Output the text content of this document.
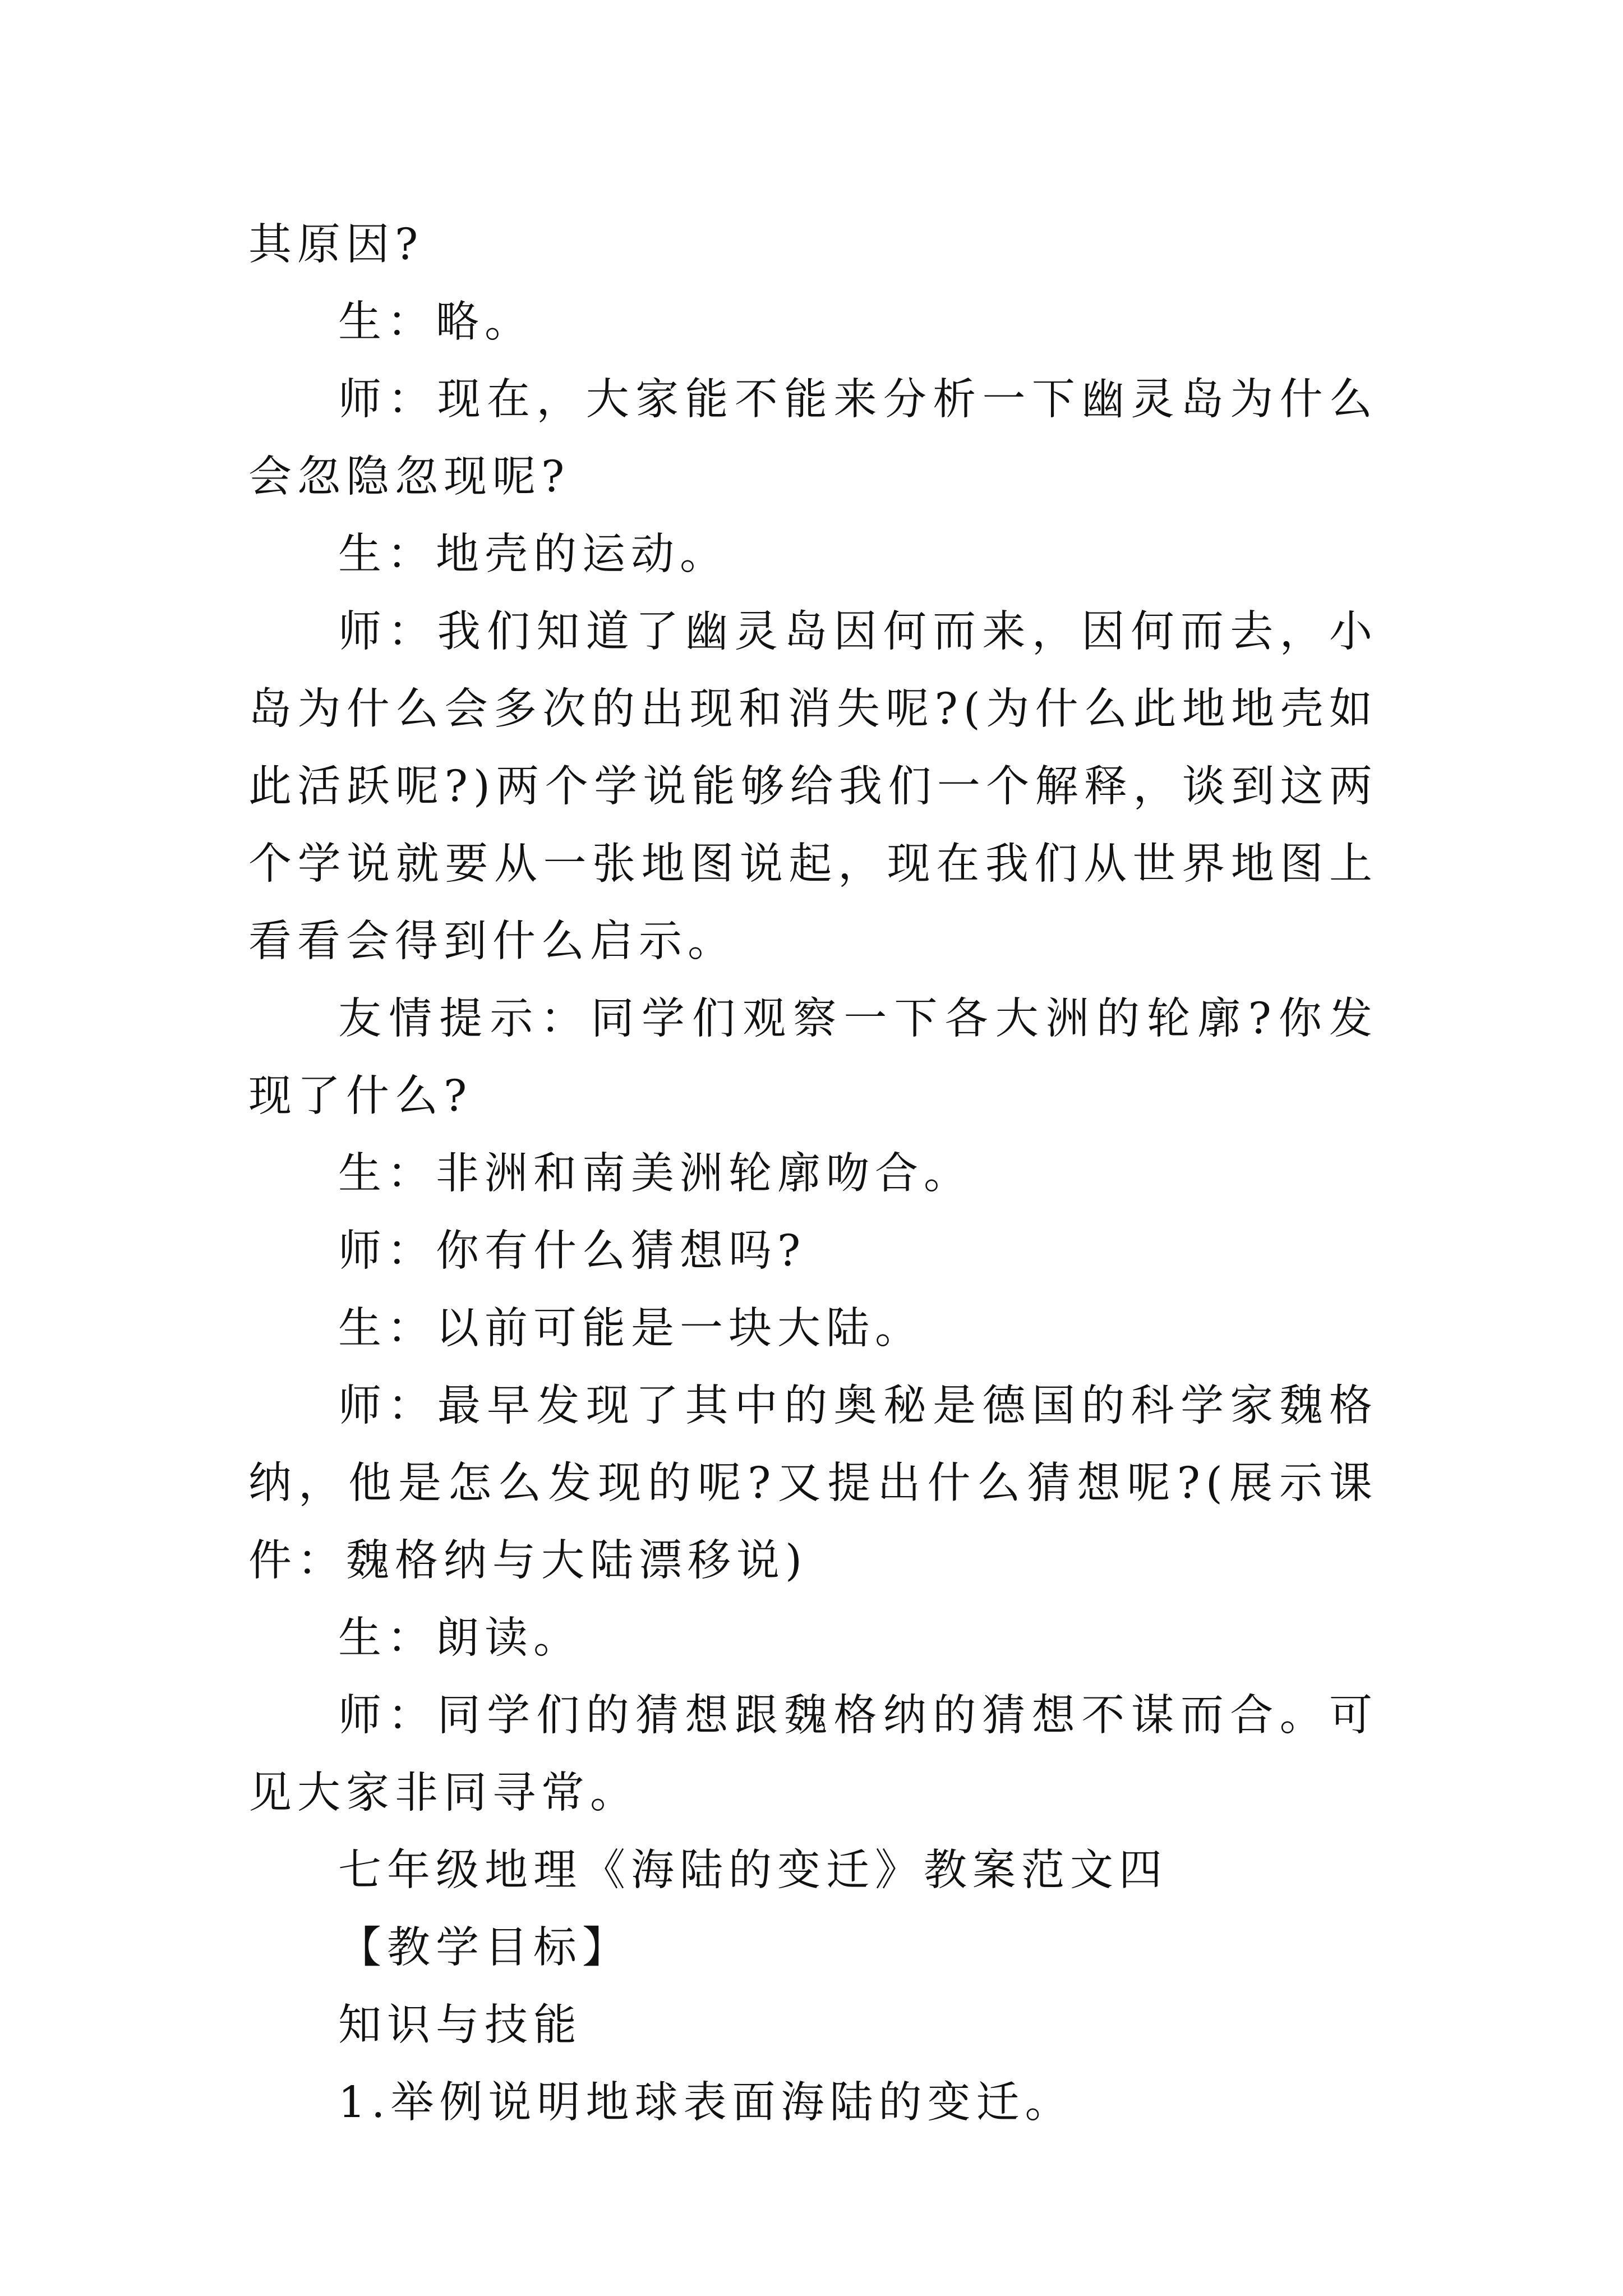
其原因?

生：略。

师：现在，大家能不能来分析一下幽灵岛为什么会忽隐忽现呢?

生：地壳的运动。

师：我们知道了幽灵岛因何而来，因何而去，小岛为什么会多次的出现和消失呢?(为什么此地地壳如此活跃呢?)两个学说能够给我们一个解释，谈到这两个学说就要从一张地图说起，现在我们从世界地图上看看会得到什么启示。

友情提示：同学们观察一下各大洲的轮廓?你发现了什么?

生：非洲和南美洲轮廓吻合。

师：你有什么猜想吗?

生：以前可能是一块大陆。

师：最早发现了其中的奥秘是德国的科学家魏格纳，他是怎么发现的呢?又提出什么猜想呢?(展示课件：魏格纳与大陆漂移说)

生：朗读。

师：同学们的猜想跟魏格纳的猜想不谋而合。可见大家非同寻常。

七年级地理《海陆的变迁》教案范文四

【教学目标】

知识与技能

1.举例说明地球表面海陆的变迁。
